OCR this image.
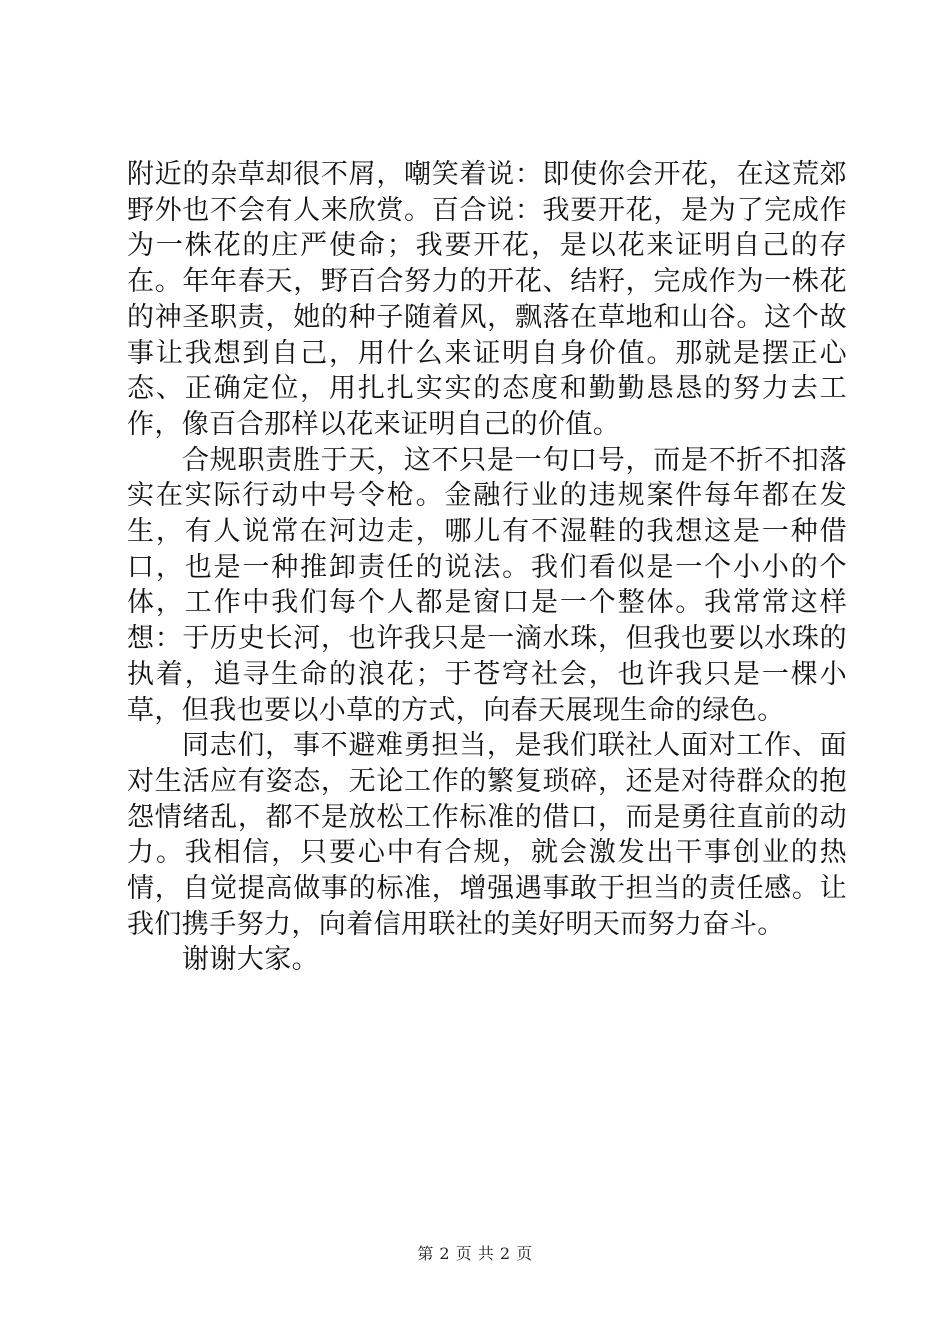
附近的杂草却很不屑，嘲笑着说：即使你会开花，在这荒郊野外也不会有人来欣赏。百合说：我要开花，是为了完成作为一株花的庄严使命；我要开花，是以花来证明自己的存在。年年春天，野百合努力的开花、结籽，完成作为一株花的神圣职责，她的种子随着风，飘落在草地和山谷。这个故事让我想到自己，用什么来证明自身价值。那就是摆正心态、正确定位，用扎扎实实的态度和勤勤恳恳的努力去工作，像百合那样以花来证明自己的价值。

合规职责胜于天，这不只是一句口号，而是不折不扣落实在实际行动中号令枪。金融行业的违规案件每年都在发生，有人说常在河边走，哪儿有不湿鞋的我想这是一种借口，也是一种推卸责任的说法。我们看似是一个小小的个体，工作中我们每个人都是窗口是一个整体。我常常这样想：于历史长河，也许我只是一滴水珠，但我也要以水珠的执着，追寻生命的浪花；于苍穹社会，也许我只是一棵小草，但我也要以小草的方式，向春天展现生命的绿色。

同志们，事不避难勇担当，是我们联社人面对工作、面对生活应有姿态，无论工作的繁复琐碎，还是对待群众的抱怨情绪乱，都不是放松工作标准的借口，而是勇往直前的动力。我相信，只要心中有合规，就会激发出干事创业的热情，自觉提高做事的标准，增强遇事敢于担当的责任感。让我们携手努力，向着信用联社的美好明天而努力奋斗。

谢谢大家。

第 2 页 共 2 页
